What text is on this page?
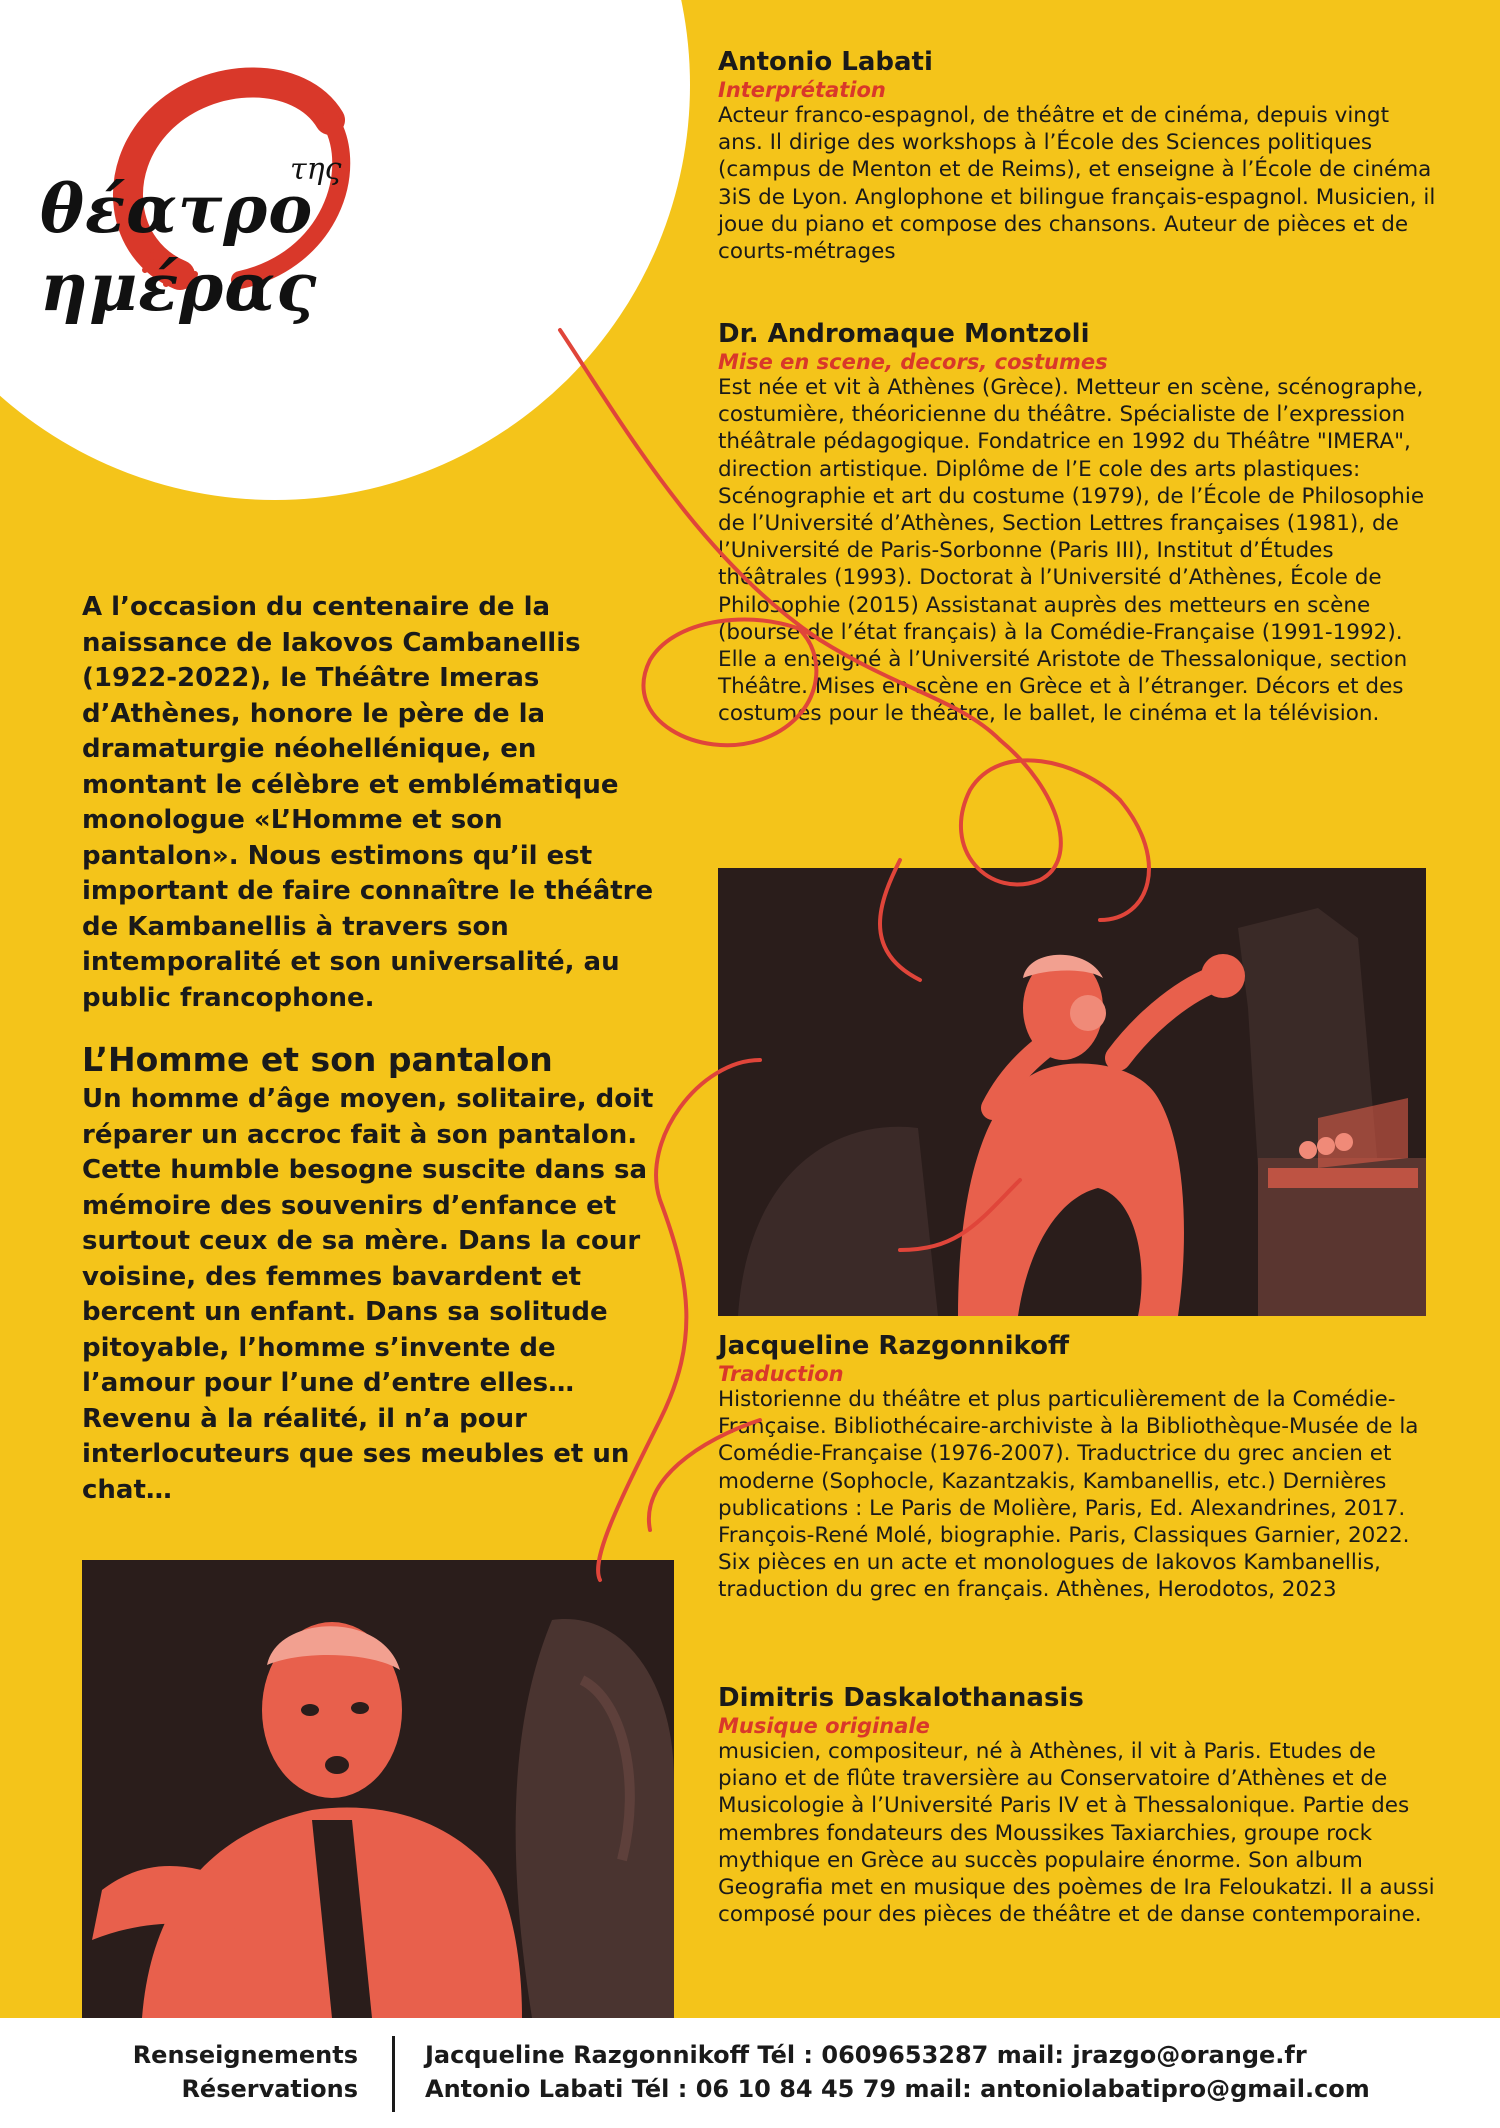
της
θέατρο ημέρας
A l’occasion du centenaire de la naissance de Iakovos Cambanellis (1922-2022), le Théâtre Imeras d’Athènes, honore le père de la dramaturgie néohellénique, en montant le célèbre et emblématique monologue «L’Homme et son pantalon». Nous estimons qu’il est important de faire connaître le théâtre de Kambanellis à travers son intemporalité et son universalité, au public francophone.
L’Homme et son pantalon
Un homme d’âge moyen, solitaire, doit réparer un accroc fait à son pantalon. Cette humble besogne suscite dans sa mémoire des souvenirs d’enfance et surtout ceux de sa mère. Dans la cour voisine, des femmes bavardent et bercent un enfant. Dans sa solitude pitoyable, l’homme s’invente de l’amour pour l’une d’entre elles… Revenu à la réalité, il n’a pour interlocuteurs que ses meubles et un chat…
Antonio Labati
Interprétation
Acteur franco-espagnol, de théâtre et de cinéma, depuis vingt ans. Il dirige des workshops à l’École des Sciences politiques (campus de Menton et de Reims), et enseigne à l’École de cinéma 3iS de Lyon. Anglophone et bilingue français-espagnol. Musicien, il joue du piano et compose des chansons. Auteur de pièces et de courts-métrages
Dr. Andromaque Montzoli
Mise en scene, decors, costumes
Est née et vit à Athènes (Grèce). Metteur en scène, scénographe, costumière, théoricienne du théâtre. Spécialiste de l’expression théâtrale pédagogique. Fondatrice en 1992 du Théâtre "IMERA", direction artistique. Diplôme de l’E cole des arts plastiques: Scénographie et art du costume (1979), de l’École de Philosophie de l’Université d’Athènes, Section Lettres françaises (1981), de l’Université de Paris-Sorbonne (Paris III), Institut d’Études théâtrales (1993). Doctorat à l’Université d’Athènes, École de Philosophie (2015) Assistanat auprès des metteurs en scène (bourse de l’état français) à la Comédie-Française (1991-1992). Elle a enseigné à l’Université Aristote de Thessalonique, section Théâtre. Mises en scène en Grèce et à l’étranger. Décors et des costumes pour le théâtre, le ballet, le cinéma et la télévision.
Jacqueline Razgonnikoff
Traduction
Historienne du théâtre et plus particulièrement de la Comédie-Française. Bibliothécaire-archiviste à la Bibliothèque-Musée de la Comédie-Française (1976-2007). Traductrice du grec ancien et moderne (Sophocle, Kazantzakis, Kambanellis, etc.) Dernières publications : Le Paris de Molière, Paris, Ed. Alexandrines, 2017. François-René Molé, biographie. Paris, Classiques Garnier, 2022. Six pièces en un acte et monologues de Iakovos Kambanellis, traduction du grec en français. Athènes, Herodotos, 2023
Dimitris Daskalothanasis
Musique originale
musicien, compositeur, né à Athènes, il vit à Paris. Etudes de piano et de flûte traversière au Conservatoire d’Athènes et de Musicologie à l’Université Paris IV et à Thessalonique. Partie des membres fondateurs des Moussikes Taxiarchies, groupe rock mythique en Grèce au succès populaire énorme. Son album Geografia met en musique des poèmes de Ira Feloukatzi. Il a aussi composé pour des pièces de théâtre et de danse contemporaine.
Renseignements
Réservations
Jacqueline Razgonnikoff Tél : 0609653287 mail: jrazgo@orange.fr
Antonio Labati Tél : 06 10 84 45 79 mail: antoniolabatipro@gmail.com
